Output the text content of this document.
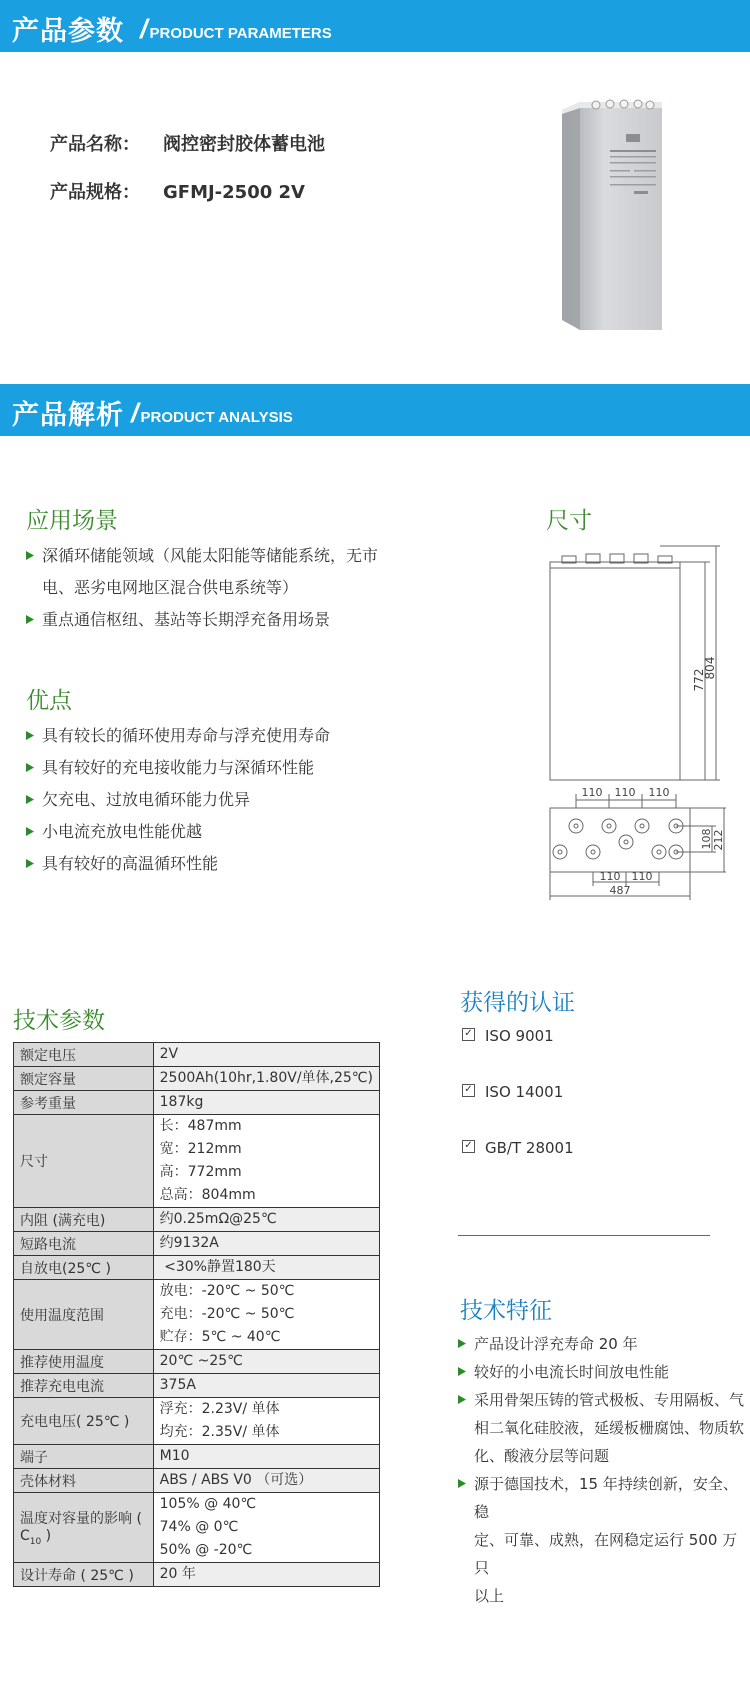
产品参数 / PRODUCT PARAMETERS
产品名称： 阀控密封胶体蓄电池
产品规格： GFMJ-2500 2V
产品解析 / PRODUCT ANALYSIS
应用场景
深循环储能领域（风能太阳能等储能系统，无市
电、恶劣电网地区混合供电系统等）
重点通信枢纽、基站等长期浮充备用场景
优点
具有较长的循环使用寿命与浮充使用寿命
具有较好的充电接收能力与深循环性能
欠充电、过放电循环能力优异
小电流充放电性能优越
具有较好的高温循环性能
尺寸
772
804
110 110 110
110 110
487
108 212
技术参数
额定电压	2V

额定容量	2500Ah(10hr,1.80V/单体,25℃)

参考重量	187kg

尺寸	长：487mm
宽：212mm
高：772mm
总高：804mm

内阻 (满充电)	约0.25mΩ@25℃

短路电流	约9132A

自放电(25℃ )	<30%静置180天

使用温度范围	放电：-20℃ ~ 50℃
充电：-20℃ ~ 50℃
贮存：5℃ ~ 40℃

推荐使用温度	20℃ ~25℃

推荐充电电流	375A

充电电压( 25℃ )	浮充：2.23V/ 单体
均充：2.35V/ 单体

端子	M10

壳体材料	ABS / ABS V0 （可选）

温度对容量的影响 ( $C_{10}$ )	105% @ 40℃
74% @ 0℃
50% @ -20℃

设计寿命 ( 25℃ )	20 年
获得的认证
✓ ISO 9001
✓ ISO 14001
✓ GB/T 28001
技术特征
产品设计浮充寿命 20 年
较好的小电流长时间放电性能
采用骨架压铸的管式极板、专用隔板、气
相二氧化硅胶液，延缓板栅腐蚀、物质软
化、酸液分层等问题
源于德国技术，15 年持续创新，安全、稳
定、可靠、成熟，在网稳定运行 500 万只
以上
